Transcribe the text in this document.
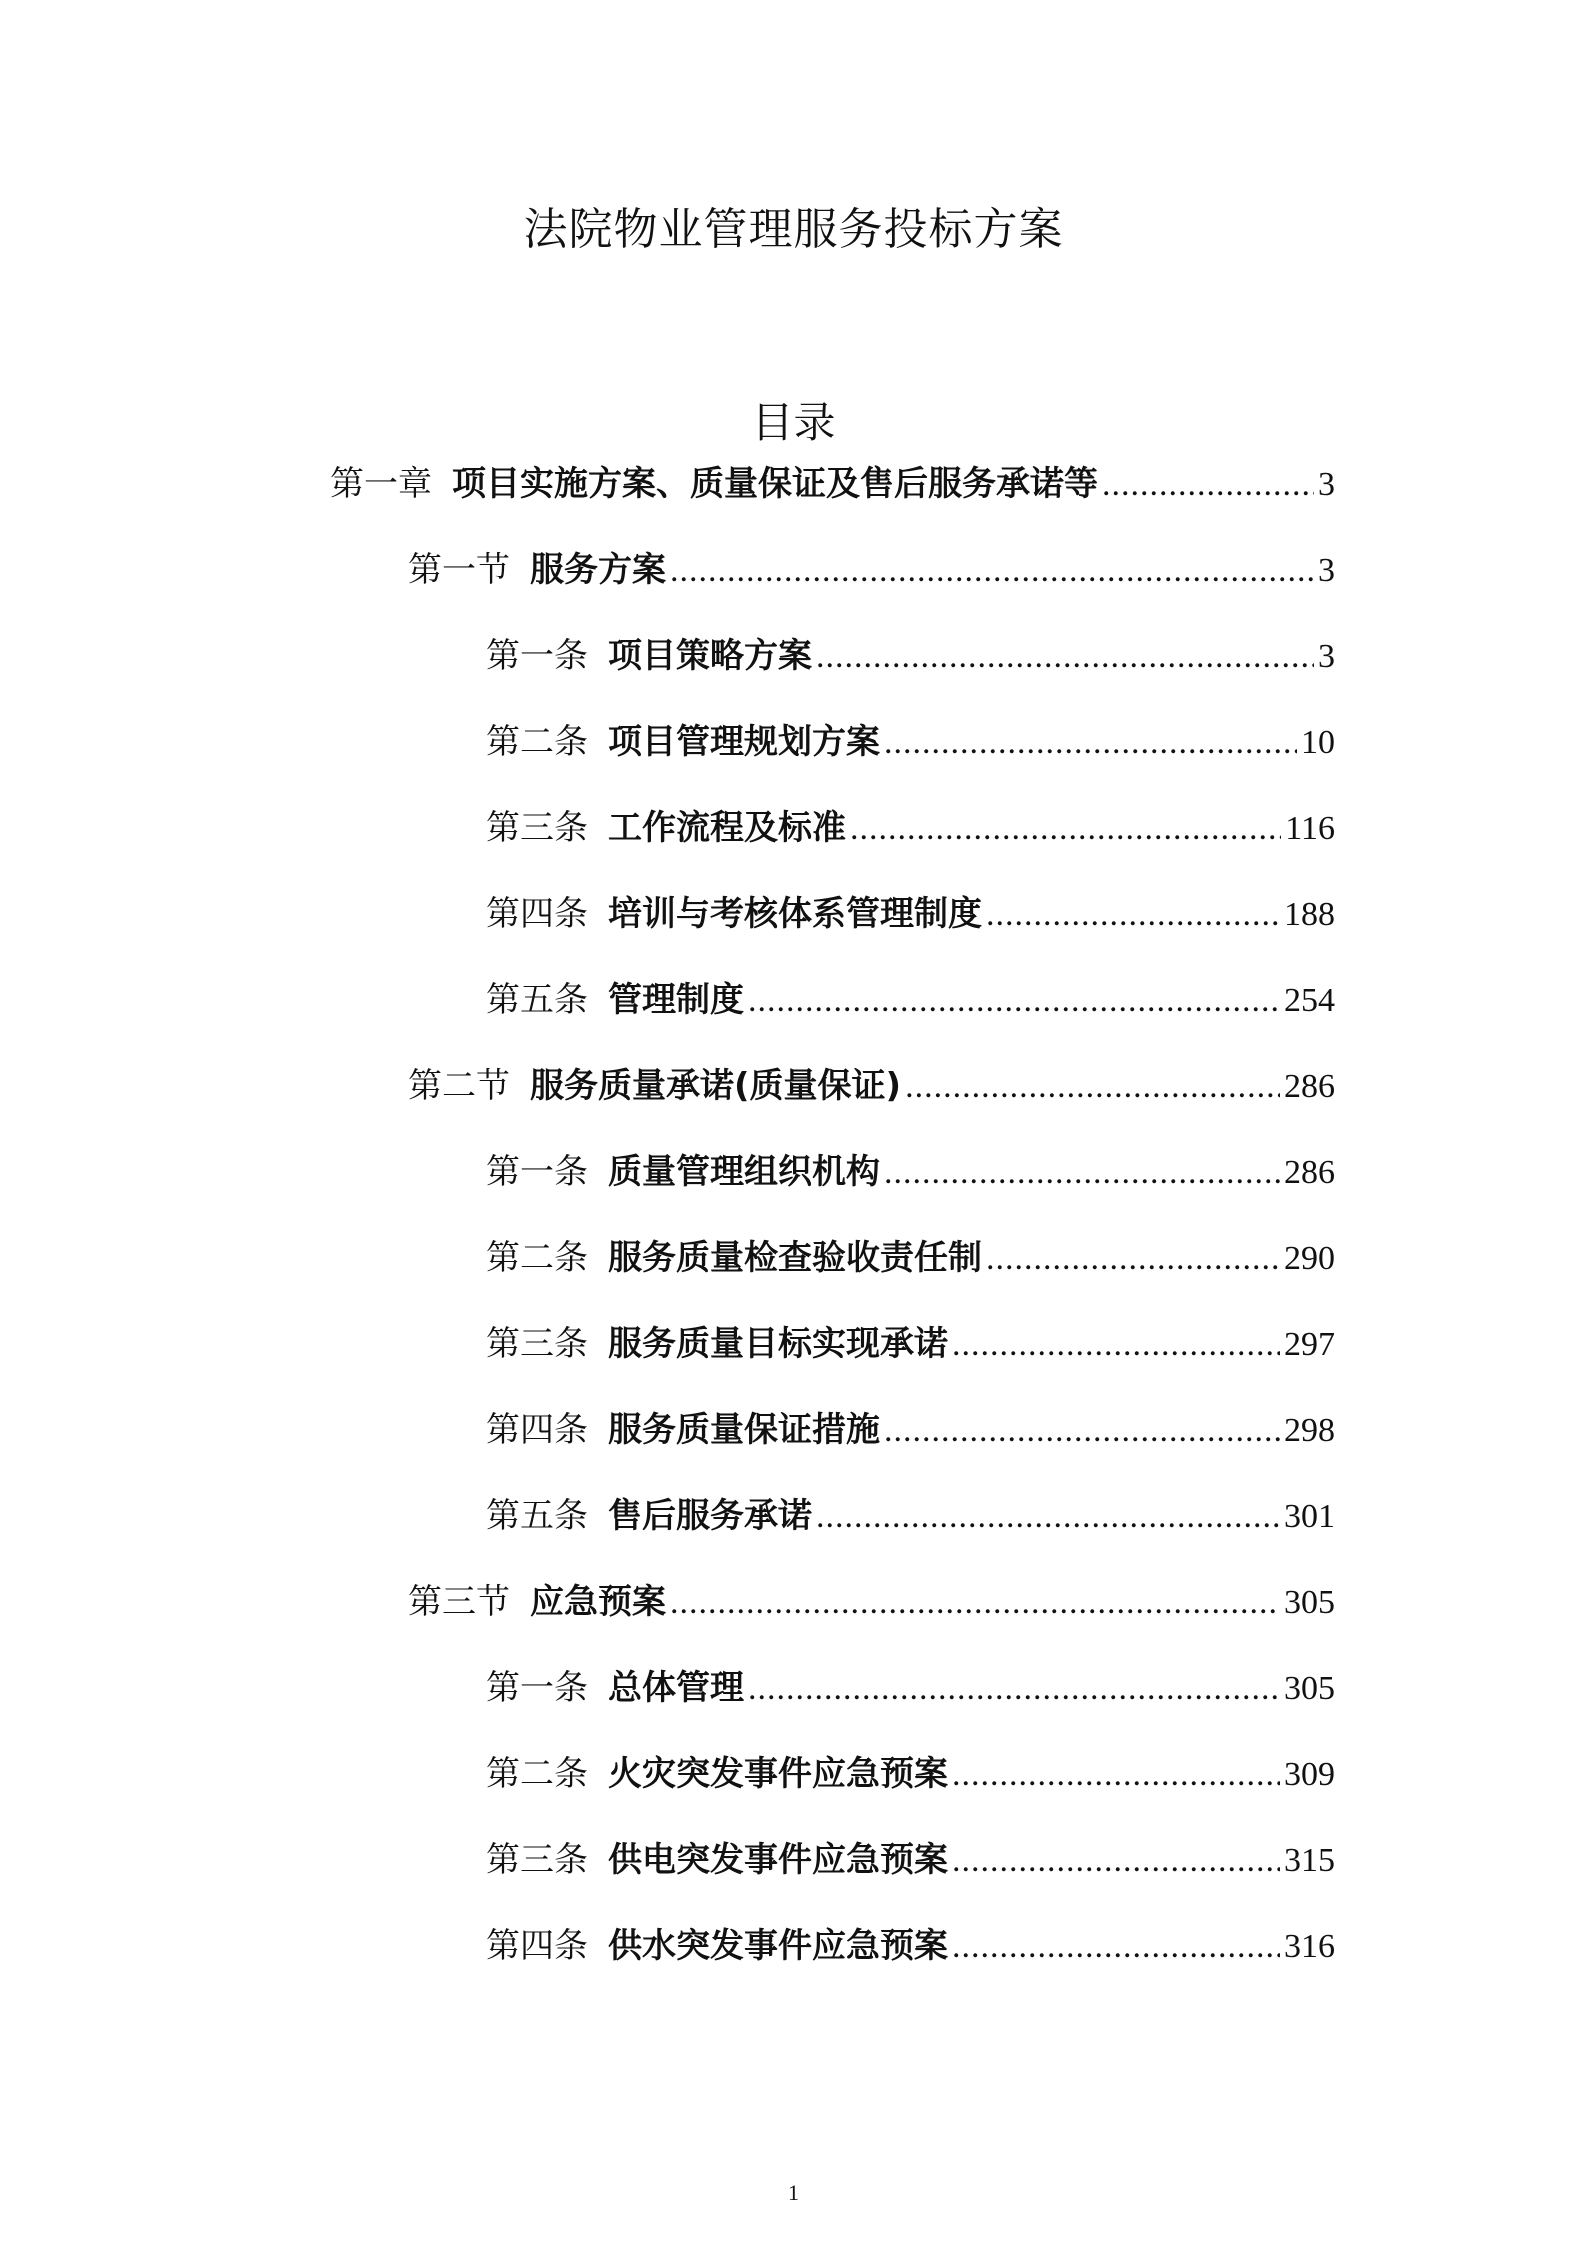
法院物业管理服务投标方案
目录
第一章 项目实施方案、质量保证及售后服务承诺等 .....	3
第一节 服务方案 .....	3
第一条 项目策略方案 .....	3
第二条 项目管理规划方案 .....	10
第三条 工作流程及标准 .....	116
第四条 培训与考核体系管理制度 .....	188
第五条 管理制度 .....	254
第二节 服务质量承诺(质量保证) .....	286
第一条 质量管理组织机构 .....	286
第二条 服务质量检查验收责任制 .....	290
第三条 服务质量目标实现承诺 .....	297
第四条 服务质量保证措施 .....	298
第五条 售后服务承诺 .....	301
第三节 应急预案 .....	305
第一条 总体管理 .....	305
第二条 火灾突发事件应急预案 .....	309
第三条 供电突发事件应急预案 .....	315
第四条 供水突发事件应急预案 .....	316
1
